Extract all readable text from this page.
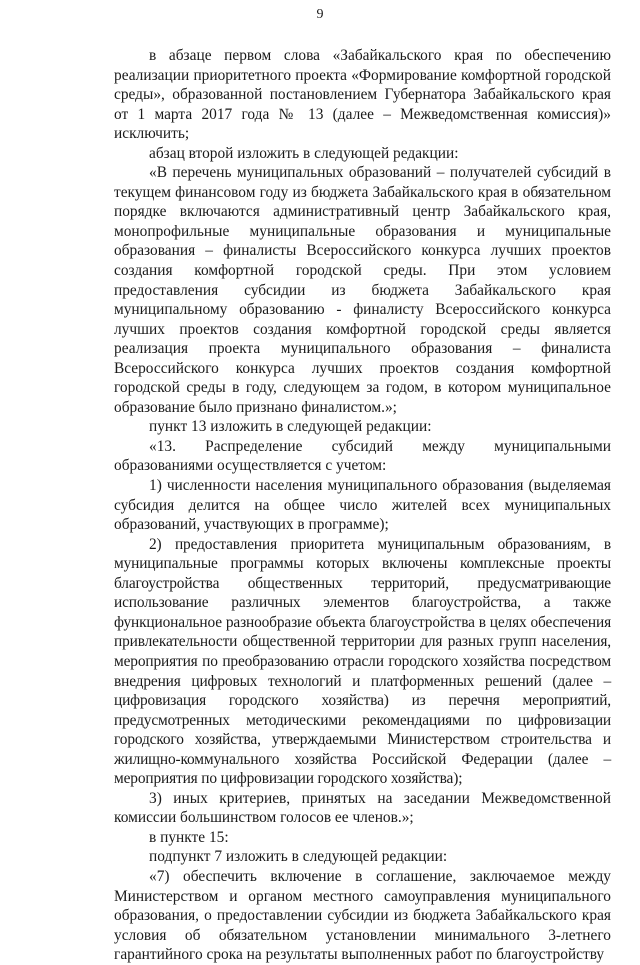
9

в абзаце первом слова «Забайкальского края по обеспечению реализации приоритетного проекта «Формирование комфортной городской среды», образованной постановлением Губернатора Забайкальского края от 1 марта 2017 года № 13 (далее – Межведомственная комиссия)» исключить;

абзац второй изложить в следующей редакции:

«В перечень муниципальных образований – получателей субсидий в текущем финансовом году из бюджета Забайкальского края в обязательном порядке включаются административный центр Забайкальского края, монопрофильные муниципальные образования и муниципальные образования – финалисты Всероссийского конкурса лучших проектов создания комфортной городской среды. При этом условием предоставления субсидии из бюджета Забайкальского края муниципальному образованию - финалисту Всероссийского конкурса лучших проектов создания комфортной городской среды является реализация проекта муниципального образования – финалиста Всероссийского конкурса лучших проектов создания комфортной городской среды в году, следующем за годом, в котором муниципальное образование было признано финалистом.»;

пункт 13 изложить в следующей редакции:

«13. Распределение субсидий между муниципальными образованиями осуществляется с учетом:

1) численности населения муниципального образования (выделяемая субсидия делится на общее число жителей всех муниципальных образований, участвующих в программе);

2) предоставления приоритета муниципальным образованиям, в муниципальные программы которых включены комплексные проекты благоустройства общественных территорий, предусматривающие использование различных элементов благоустройства, а также функциональное разнообразие объекта благоустройства в целях обеспечения привлекательности общественной территории для разных групп населения, мероприятия по преобразованию отрасли городского хозяйства посредством внедрения цифровых технологий и платформенных решений (далее – цифровизация городского хозяйства) из перечня мероприятий, предусмотренных методическими рекомендациями по цифровизации городского хозяйства, утверждаемыми Министерством строительства и жилищно-коммунального хозяйства Российской Федерации (далее – мероприятия по цифровизации городского хозяйства);

3) иных критериев, принятых на заседании Межведомственной комиссии большинством голосов ее членов.»;

в пункте 15:

подпункт 7 изложить в следующей редакции:

«7) обеспечить включение в соглашение, заключаемое между Министерством и органом местного самоуправления муниципального образования, о предоставлении субсидии из бюджета Забайкальского края условия об обязательном установлении минимального 3-летнего гарантийного срока на результаты выполненных работ по благоустройству
